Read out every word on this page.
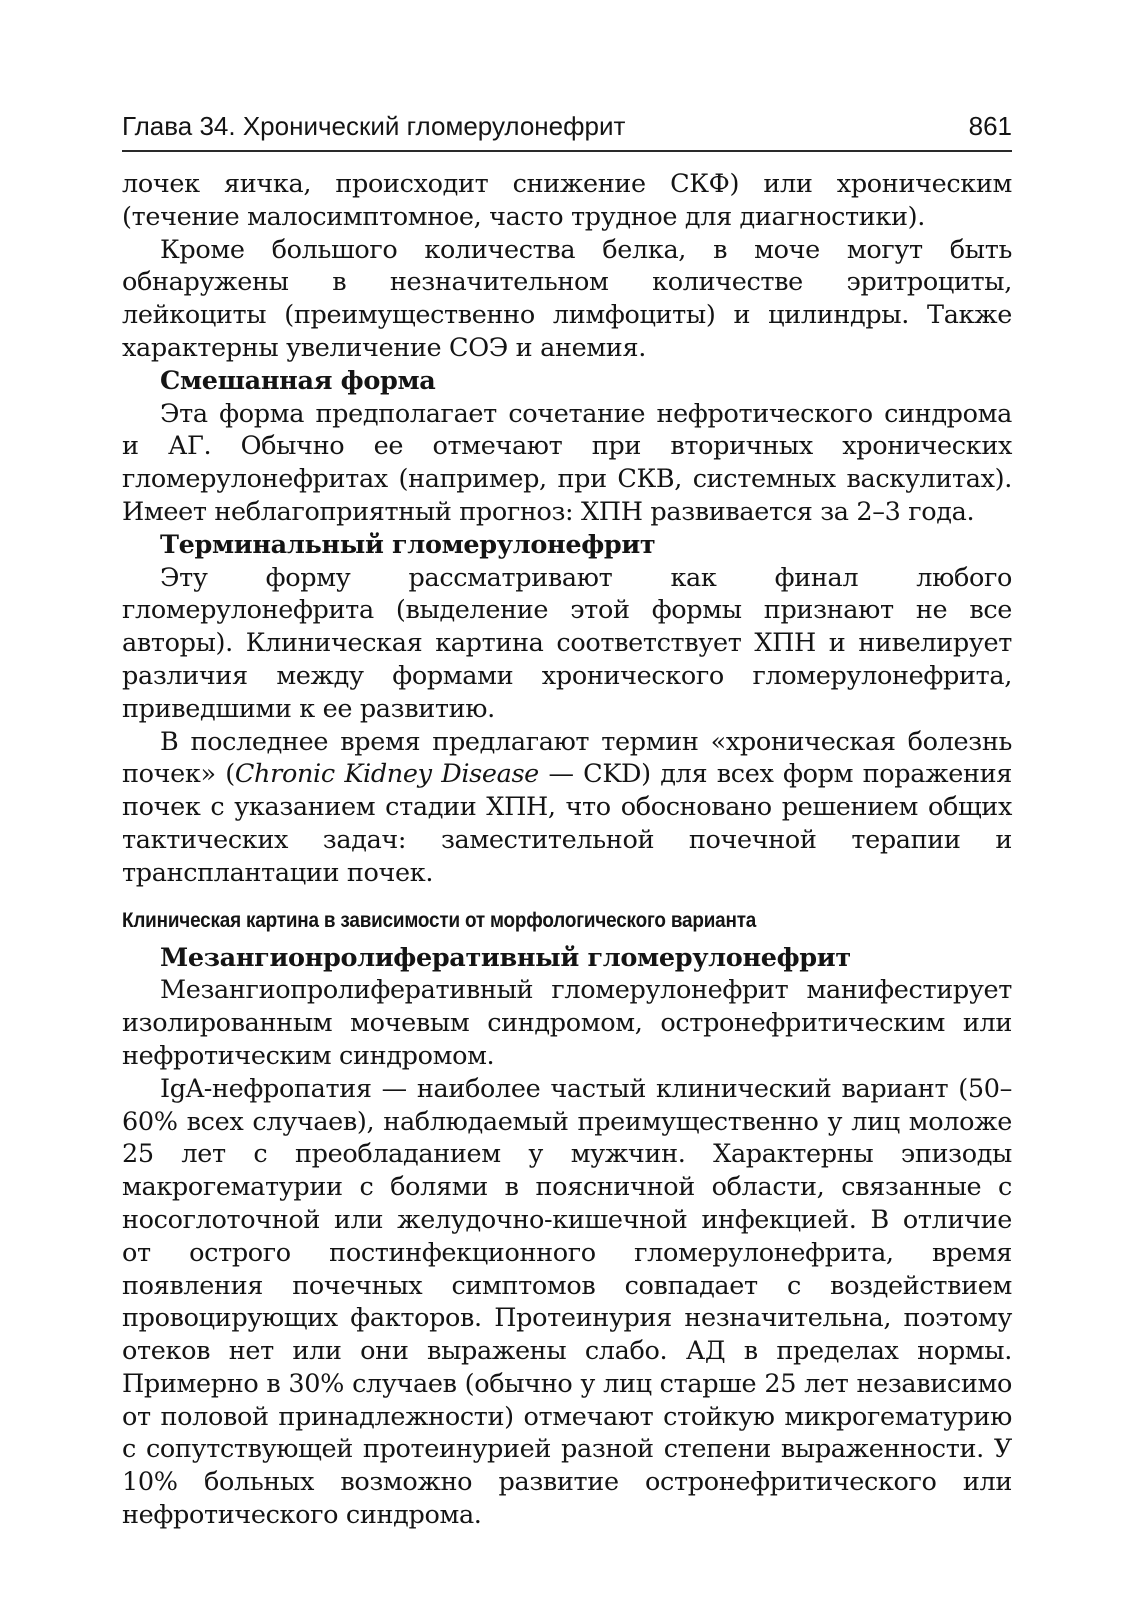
Глава 34. Хронический гломерулонефрит	861

лочек яичка, происходит снижение СКФ) или хроническим (течение малосимптомное, часто трудное для диагностики).

Кроме большого количества белка, в моче могут быть обнаружены в незначительном количестве эритроциты, лейкоциты (преимущественно лимфоциты) и цилиндры. Также характерны увеличение СОЭ и анемия.

Смешанная форма

Эта форма предполагает сочетание нефротического синдрома и АГ. Обычно ее отмечают при вторичных хронических гломерулонефритах (например, при СКВ, системных васкулитах). Имеет неблагоприятный прогноз: ХПН развивается за 2–3 года.

Терминальный гломерулонефрит

Эту форму рассматривают как финал любого гломерулонефрита (выделение этой формы признают не все авторы). Клиническая картина соответствует ХПН и нивелирует различия между формами хронического гломерулонефрита, приведшими к ее развитию.

В последнее время предлагают термин «хроническая болезнь почек» (Chronic Kidney Disease — CKD) для всех форм поражения почек с указанием стадии ХПН, что обосновано решением общих тактических задач: заместительной почечной терапии и трансплантации почек.

Клиническая картина в зависимости от морфологического варианта

Мезангионролиферативный гломерулонефрит

Мезангиопролиферативный гломерулонефрит манифестирует изолированным мочевым синдромом, остронефритическим или нефротическим синдромом.

IgA-нефропатия — наиболее частый клинический вариант (50–60% всех случаев), наблюдаемый преимущественно у лиц моложе 25 лет с преобладанием у мужчин. Характерны эпизоды макрогематурии с болями в поясничной области, связанные с носоглоточной или желудочно-кишечной инфекцией. В отличие от острого постинфекционного гломерулонефрита, время появления почечных симптомов совпадает с воздействием провоцирующих факторов. Протеинурия незначительна, поэтому отеков нет или они выражены слабо. АД в пределах нормы. Примерно в 30% случаев (обычно у лиц старше 25 лет независимо от половой принадлежности) отмечают стойкую микрогематурию с сопутствующей протеинурией разной степени выраженности. У 10% больных возможно развитие остронефритического или нефротического синдрома.
